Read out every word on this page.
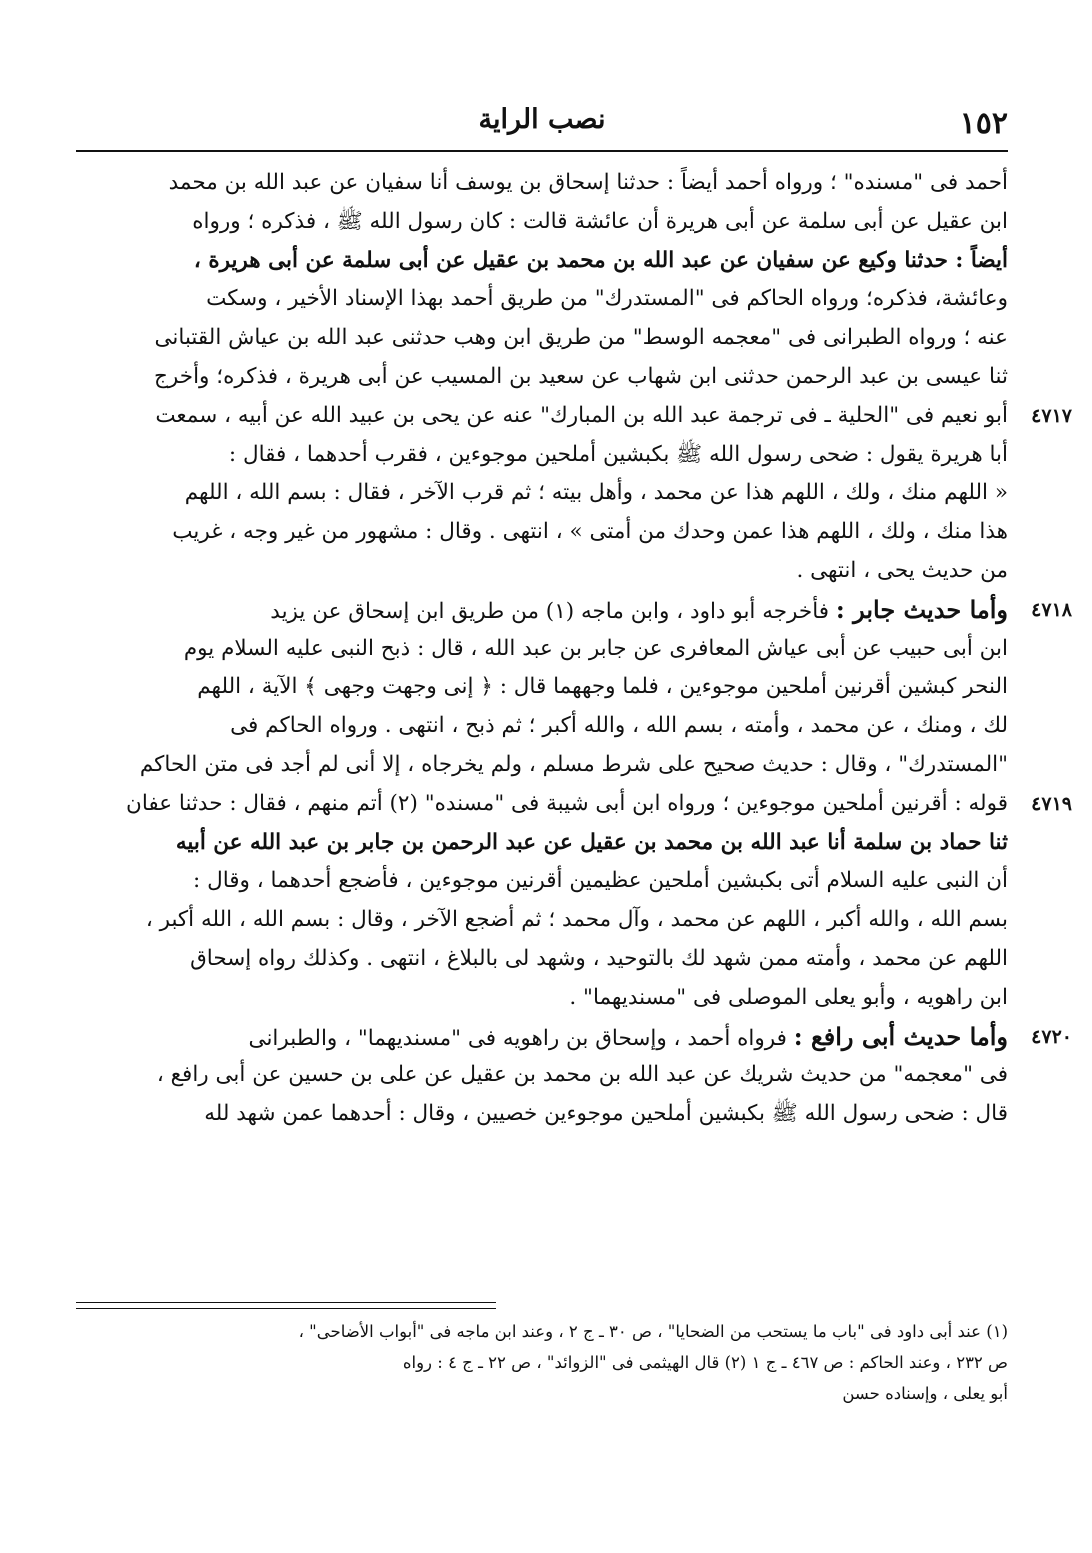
١٥٢
نصب الراية
أحمد فى "مسنده" ؛ ورواه أحمد أيضاً : حدثنا إسحاق بن يوسف أنا سفيان عن عبد الله بن محمد
ابن عقيل عن أبى سلمة عن أبى هريرة أن عائشة قالت : كان رسول الله ﷺ ، فذكره ؛ ورواه
أيضاً : حدثنا وكيع عن سفيان عن عبد الله بن محمد بن عقيل عن أبى سلمة عن أبى هريرة ،
وعائشة، فذكره؛ ورواه الحاكم فى "المستدرك" من طريق أحمد بهذا الإسناد الأخير ، وسكت
عنه ؛ ورواه الطبرانى فى "معجمه الوسط" من طريق ابن وهب حدثنى عبد الله بن عياش القتبانى
ثنا عيسى بن عبد الرحمن حدثنى ابن شهاب عن سعيد بن المسيب عن أبى هريرة ، فذكره؛ وأخرج
٤٧١٧
أبو نعيم فى "الحلية ـ فى ترجمة عبد الله بن المبارك" عنه عن يحى بن عبيد الله عن أبيه ، سمعت
أبا هريرة يقول : ضحى رسول الله ﷺ بكبشين أملحين موجوءين ، فقرب أحدهما ، فقال :
« اللهم منك ، ولك ، اللهم هذا عن محمد ، وأهل بيته ؛ ثم قرب الآخر ، فقال : بسم الله ، اللهم
هذا منك ، ولك ، اللهم هذا عمن وحدك من أمتى » ، انتهى . وقال : مشهور من غير وجه ، غريب
من حديث يحى ، انتهى .
٤٧١٨
وأما حديث جابر : فأخرجه أبو داود ، وابن ماجه (١) من طريق ابن إسحاق عن يزيد
ابن أبى حبيب عن أبى عياش المعافرى عن جابر بن عبد الله ، قال : ذبح النبى عليه السلام يوم
النحر كبشين أقرنين أملحين موجوءين ، فلما وجههما قال : ﴿ إنى وجهت وجهى ﴾ الآية ، اللهم
لك ، ومنك ، عن محمد ، وأمته ، بسم الله ، والله أكبر ؛ ثم ذبح ، انتهى . ورواه الحاكم فى
"المستدرك" ، وقال : حديث صحيح على شرط مسلم ، ولم يخرجاه ، إلا أنى لم أجد فى متن الحاكم
٤٧١٩
قوله : أقرنين أملحين موجوءين ؛ ورواه ابن أبى شيبة فى "مسنده" (٢) أتم منهم ، فقال : حدثنا عفان
ثنا حماد بن سلمة أنا عبد الله بن محمد بن عقيل عن عبد الرحمن بن جابر بن عبد الله عن أبيه
أن النبى عليه السلام أتى بكبشين أملحين عظيمين أقرنين موجوءين ، فأضجع أحدهما ، وقال :
بسم الله ، والله أكبر ، اللهم عن محمد ، وآل محمد ؛ ثم أضجع الآخر ، وقال : بسم الله ، الله أكبر ،
اللهم عن محمد ، وأمته ممن شهد لك بالتوحيد ، وشهد لى بالبلاغ ، انتهى . وكذلك رواه إسحاق
ابن راهويه ، وأبو يعلى الموصلى فى "مسنديهما" .
٤٧٢٠
وأما حديث أبى رافع : فرواه أحمد ، وإسحاق بن راهويه فى "مسنديهما" ، والطبرانى
فى "معجمه" من حديث شريك عن عبد الله بن محمد بن عقيل عن على بن حسين عن أبى رافع ،
قال : ضحى رسول الله ﷺ بكبشين أملحين موجوءين خصيين ، وقال : أحدهما عمن شهد لله
(١) عند أبى داود فى "باب ما يستحب من الضحايا" ، ص ٣٠ ـ ج ٢ ، وعند ابن ماجه فى "أبواب الأضاحى" ،
ص ٢٣٢ ، وعند الحاكم : ص ٤٦٧ ـ ج ١ (٢) قال الهيثمى فى "الزوائد" ، ص ٢٢ ـ ج ٤ : رواه
أبو يعلى ، وإسناده حسن
